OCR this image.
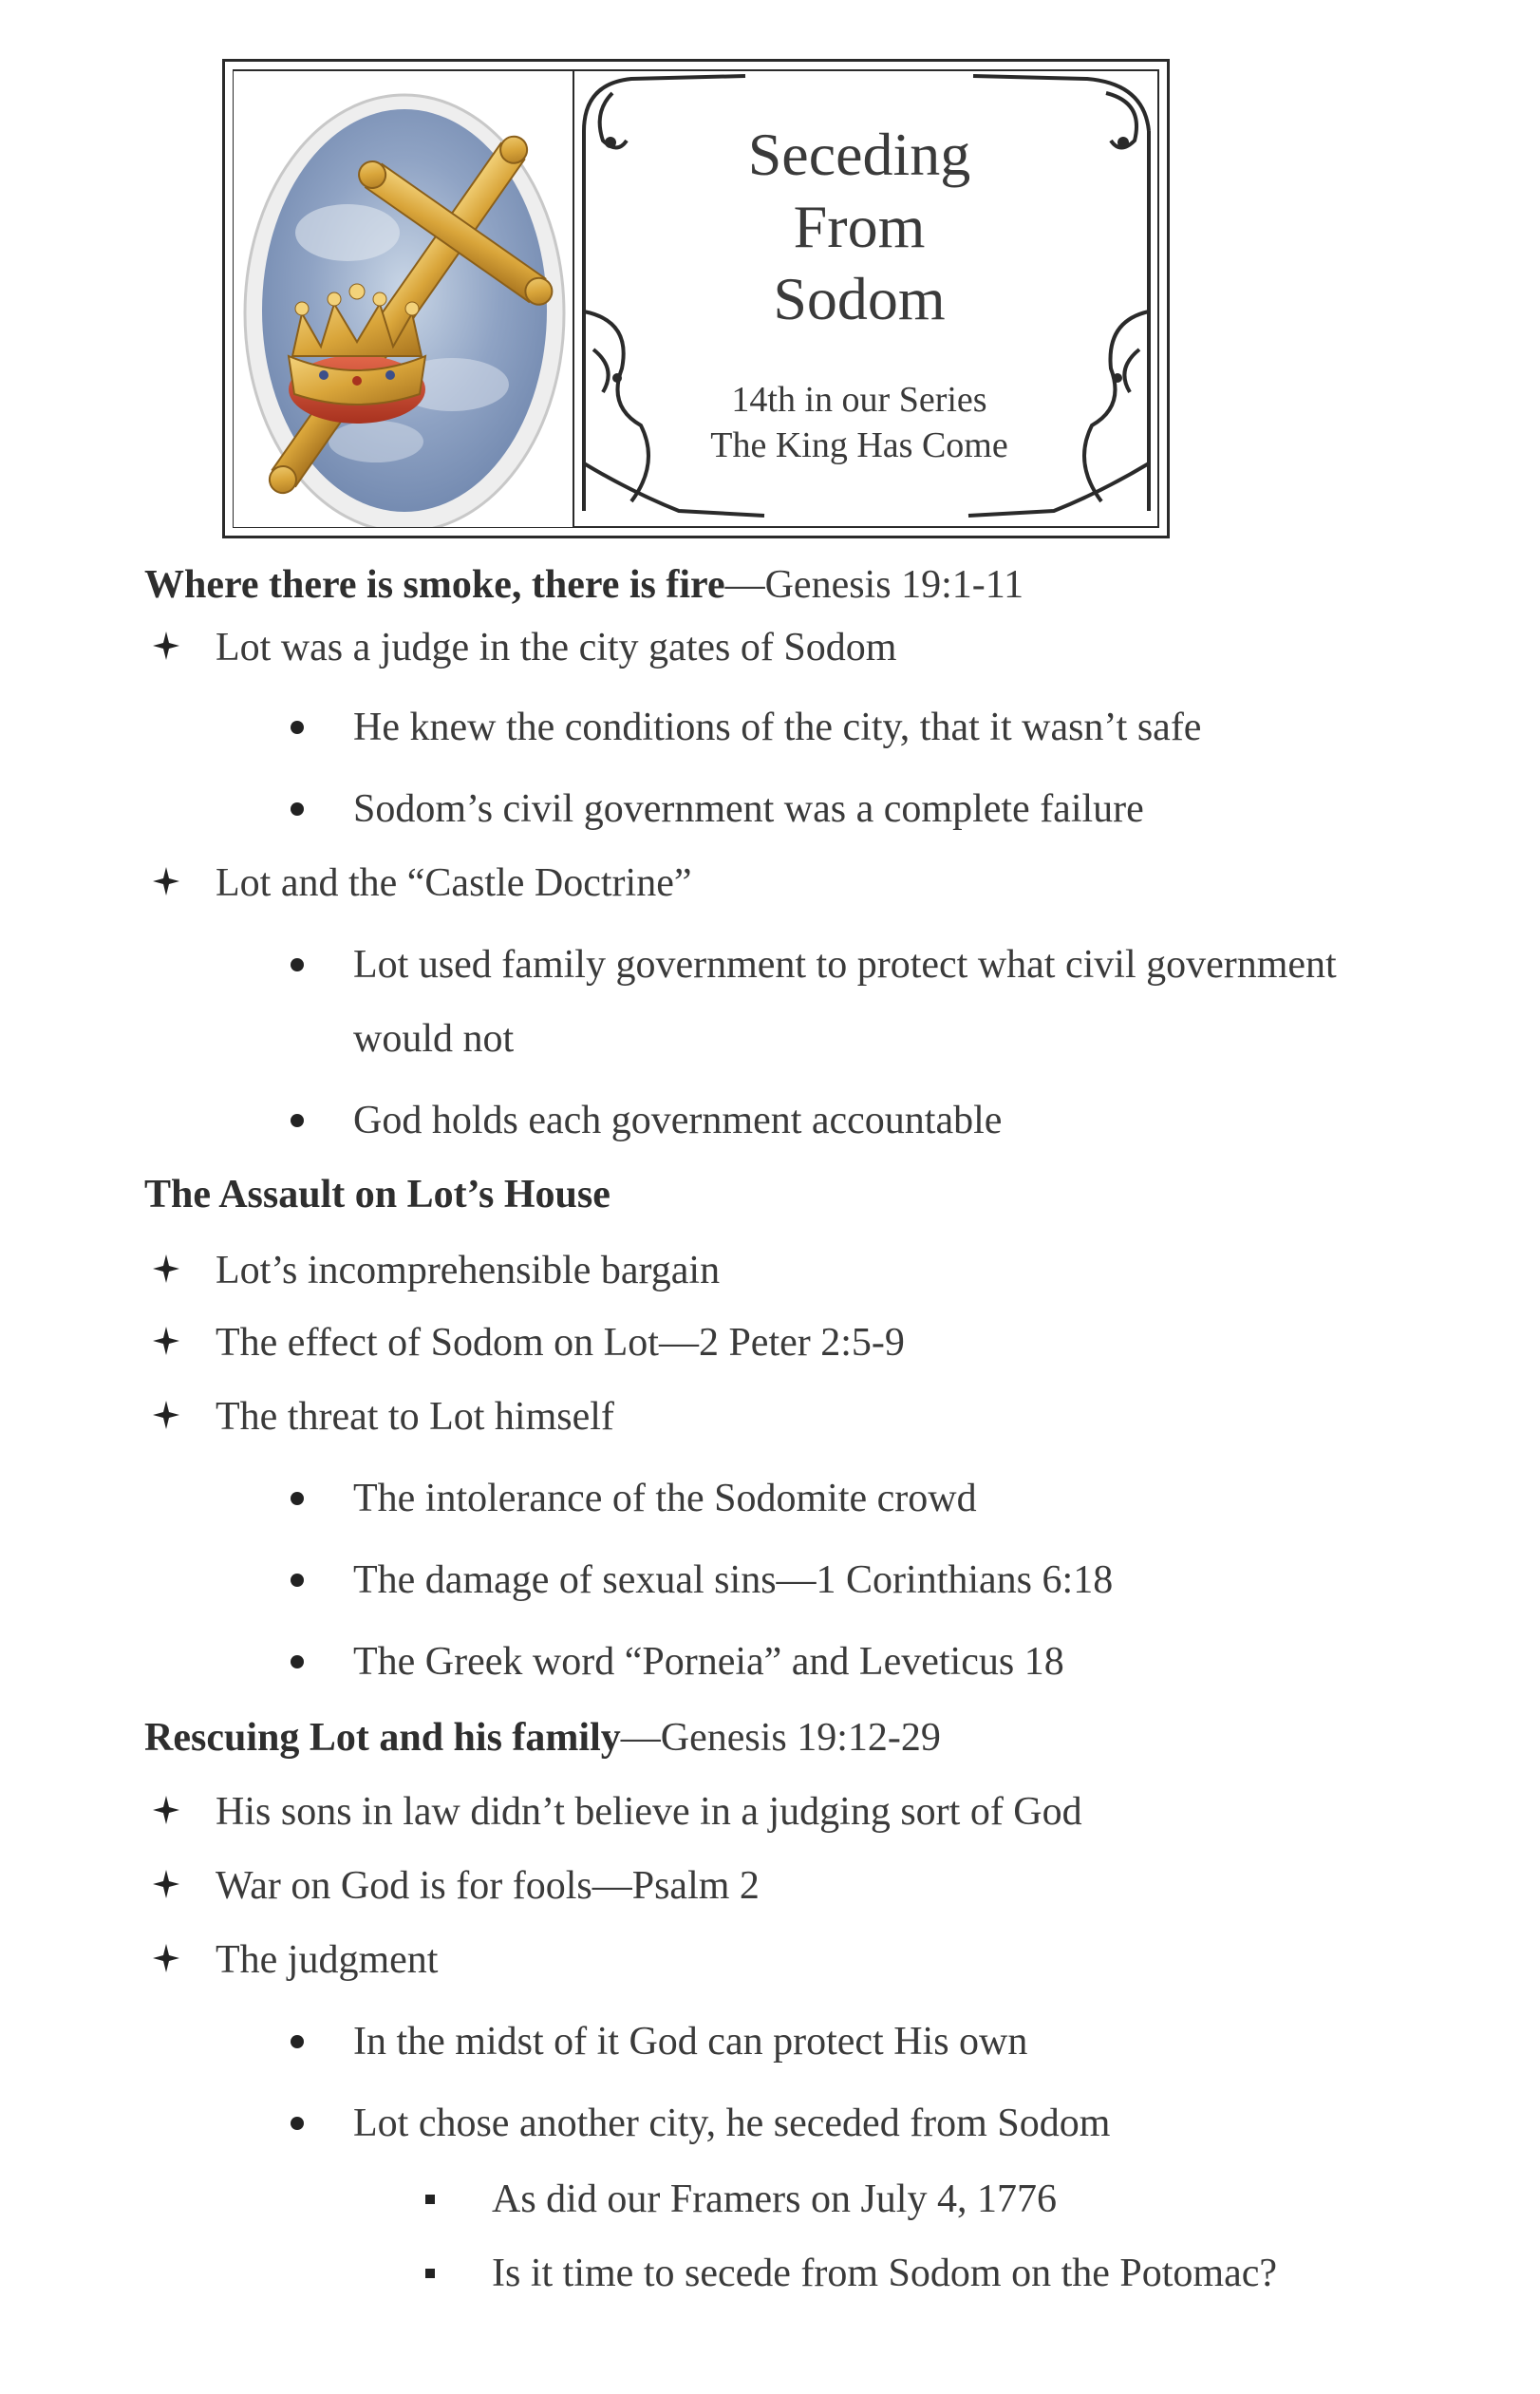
Seceding
From
Sodom
14th in our Series
The King Has Come
Where there is smoke, there is fire—Genesis 19:1-11
Lot was a judge in the city gates of Sodom
He knew the conditions of the city, that it wasn’t safe
Sodom’s civil government was a complete failure
Lot and the “Castle Doctrine”
Lot used family government to protect what civil government
would not
God holds each government accountable
The Assault on Lot’s House
Lot’s incomprehensible bargain
The effect of Sodom on Lot—2 Peter 2:5-9
The threat to Lot himself
The intolerance of the Sodomite crowd
The damage of sexual sins—1 Corinthians 6:18
The Greek word “Porneia” and Leveticus 18
Rescuing Lot and his family—Genesis 19:12-29
His sons in law didn’t believe in a judging sort of God
War on God is for fools—Psalm 2
The judgment
In the midst of it God can protect His own
Lot chose another city, he seceded from Sodom
As did our Framers on July 4, 1776
Is it time to secede from Sodom on the Potomac?
